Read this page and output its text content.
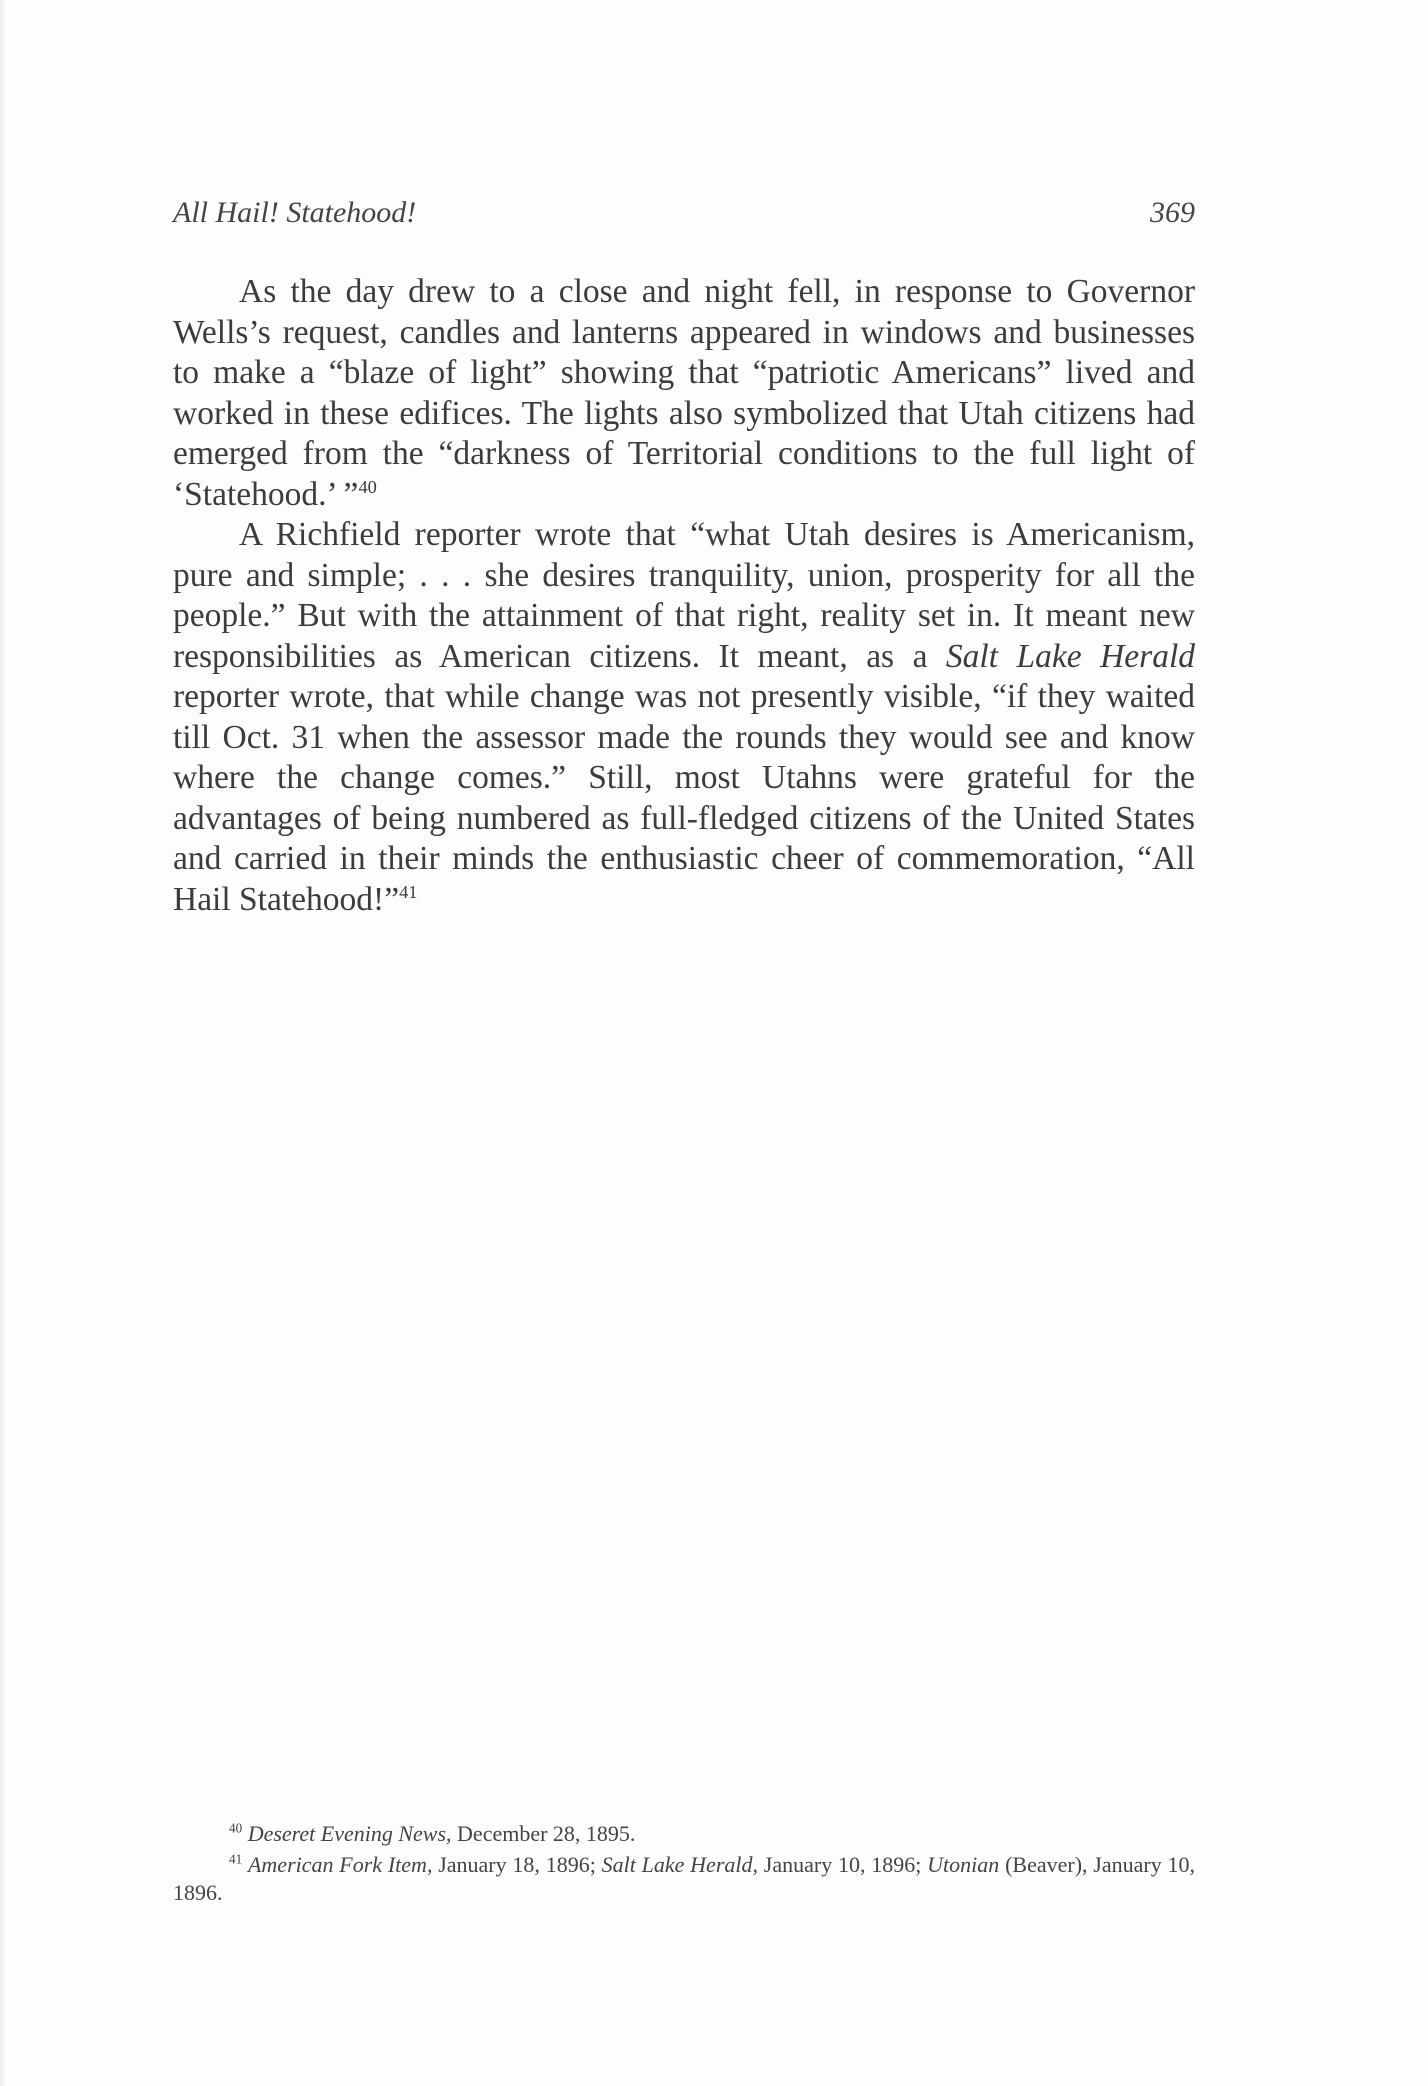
All Hail! Statehood!	369

As the day drew to a close and night fell, in response to Governor Wells’s request, candles and lanterns appeared in windows and businesses to make a “blaze of light” showing that “patriotic Americans” lived and worked in these edifices. The lights also symbolized that Utah citizens had emerged from the “darkness of Territorial conditions to the full light of ‘Statehood.’ ”$^{40}$

A Richfield reporter wrote that “what Utah desires is Americanism, pure and simple; . . . she desires tranquility, union, prosperity for all the people.” But with the attainment of that right, reality set in. It meant new responsibilities as American citizens. It meant, as a Salt Lake Herald reporter wrote, that while change was not presently visible, “if they waited till Oct. 31 when the assessor made the rounds they would see and know where the change comes.” Still, most Utahns were grateful for the advantages of being numbered as full-fledged citizens of the United States and carried in their minds the enthusiastic cheer of commemoration, “All Hail Statehood!”$^{41}$

$^{40}$ Deseret Evening News, December 28, 1895.

$^{41}$ American Fork Item, January 18, 1896; Salt Lake Herald, January 10, 1896; Utonian (Beaver), January 10, 1896.
